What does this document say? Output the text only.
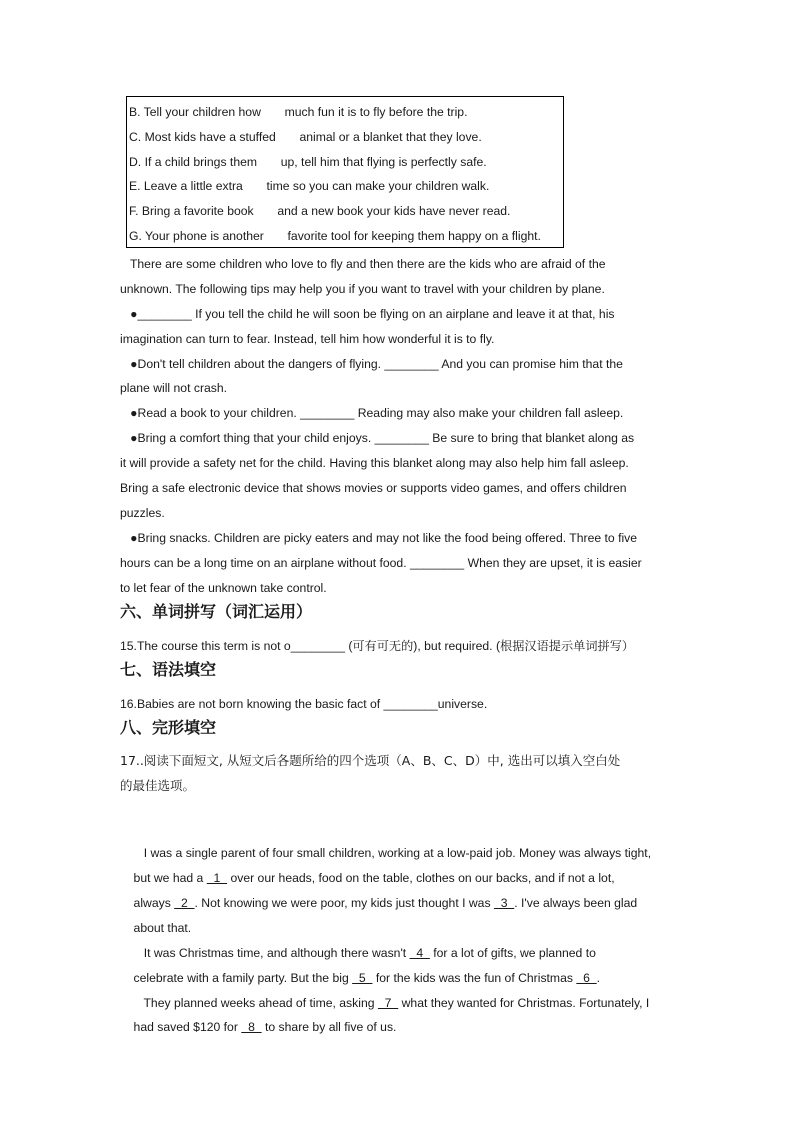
B. Tell your children how       much fun it is to fly before the trip.
C. Most kids have a stuffed       animal or a blanket that they love.
D. If a child brings them       up, tell him that flying is perfectly safe.
E. Leave a little extra       time so you can make your children walk.
F. Bring a favorite book       and a new book your kids have never read.
G. Your phone is another       favorite tool for keeping them happy on a flight.
There are some children who love to fly and then there are the kids who are afraid of the
unknown. The following tips may help you if you want to travel with your children by plane.
●________ If you tell the child he will soon be flying on an airplane and leave it at that, his
imagination can turn to fear. Instead, tell him how wonderful it is to fly.
●Don't tell children about the dangers of flying. ________ And you can promise him that the
plane will not crash.
●Read a book to your children. ________ Reading may also make your children fall asleep.
●Bring a comfort thing that your child enjoys. ________ Be sure to bring that blanket along as
it will provide a safety net for the child. Having this blanket along may also help him fall asleep.
Bring a safe electronic device that shows movies or supports video games, and offers children
puzzles.
●Bring snacks. Children are picky eaters and may not like the food being offered. Three to five
hours can be a long time on an airplane without food. ________ When they are upset, it is easier
to let fear of the unknown take control.
六、单词拼写（词汇运用）
15.The course this term is not o________ (可有可无的), but required. (根据汉语提示单词拼写）
七、语法填空
16.Babies are not born knowing the basic fact of ________universe.
八、完形填空
17..阅读下面短文, 从短文后各题所给的四个选项（A、B、C、D）中, 选出可以填入空白处
的最佳选项。

I was a single parent of four small children, working at a low-paid job. Money was always tight,

but we had a   1   over our heads, food on the table, clothes on our backs, and if not a lot,

always   2  . Not knowing we were poor, my kids just thought I was   3  . I've always been glad

about that.

It was Christmas time, and although there wasn't   4   for a lot of gifts, we planned to

celebrate with a family party. But the big   5   for the kids was the fun of Christmas   6  .

They planned weeks ahead of time, asking   7   what they wanted for Christmas. Fortunately, I

had saved $120 for   8   to share by all five of us.
